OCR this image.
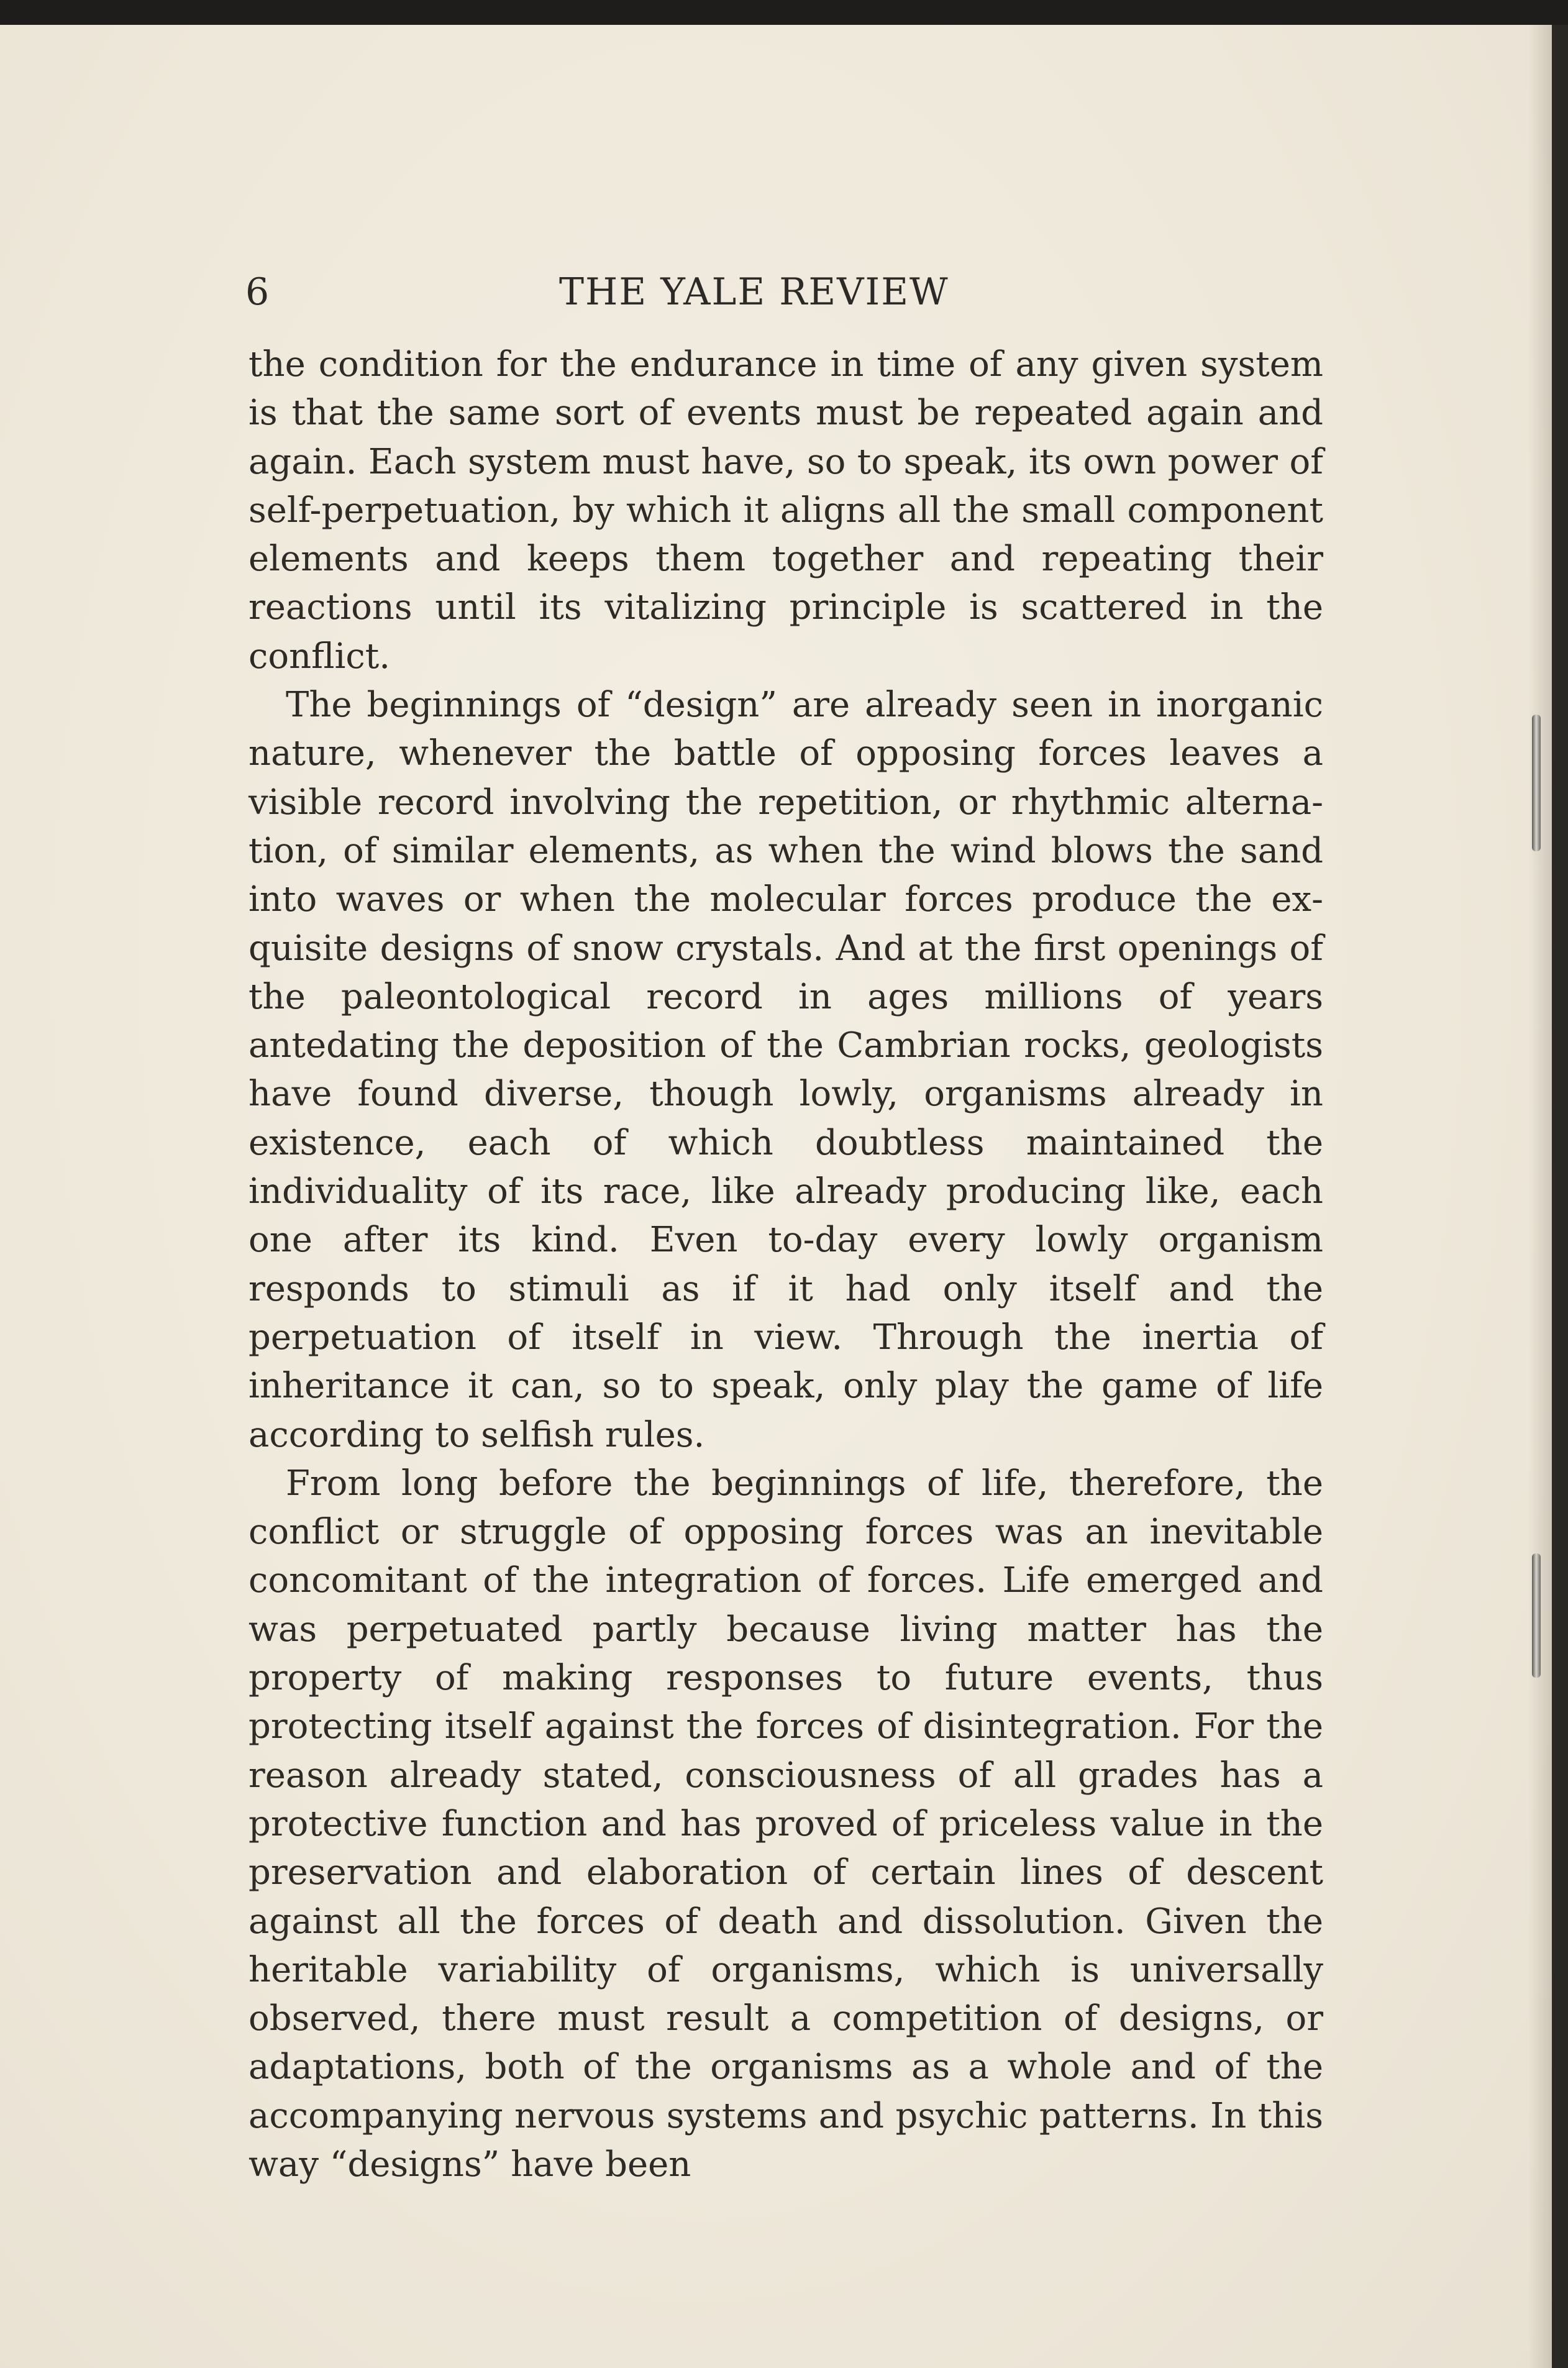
6	THE YALE REVIEW

the condition for the endurance in time of any given system is that the same sort of events must be repeated again and again. Each system must have, so to speak, its own power of self-perpetuation, by which it aligns all the small component elements and keeps them together and repeating their reactions until its vitalizing principle is scattered in the conflict.

The beginnings of “design” are already seen in inorganic nature, whenever the battle of opposing forces leaves a visible record involving the repetition, or rhythmic alternation, of similar elements, as when the wind blows the sand into waves or when the molecular forces produce the exquisite designs of snow crystals. And at the first openings of the paleontological record in ages millions of years antedating the deposition of the Cambrian rocks, geologists have found diverse, though lowly, organisms already in existence, each of which doubtless maintained the individuality of its race, like already producing like, each one after its kind. Even to-day every lowly organism responds to stimuli as if it had only itself and the perpetuation of itself in view. Through the inertia of inheritance it can, so to speak, only play the game of life according to selfish rules.

From long before the beginnings of life, therefore, the conflict or struggle of opposing forces was an inevitable concomitant of the integration of forces. Life emerged and was perpetuated partly because living matter has the property of making responses to future events, thus protecting itself against the forces of disintegration. For the reason already stated, consciousness of all grades has a protective function and has proved of priceless value in the preservation and elaboration of certain lines of descent against all the forces of death and dissolution. Given the heritable variability of organisms, which is universally observed, there must result a competition of designs, or adaptations, both of the organisms as a whole and of the accompanying nervous systems and psychic patterns. In this way “designs” have been
